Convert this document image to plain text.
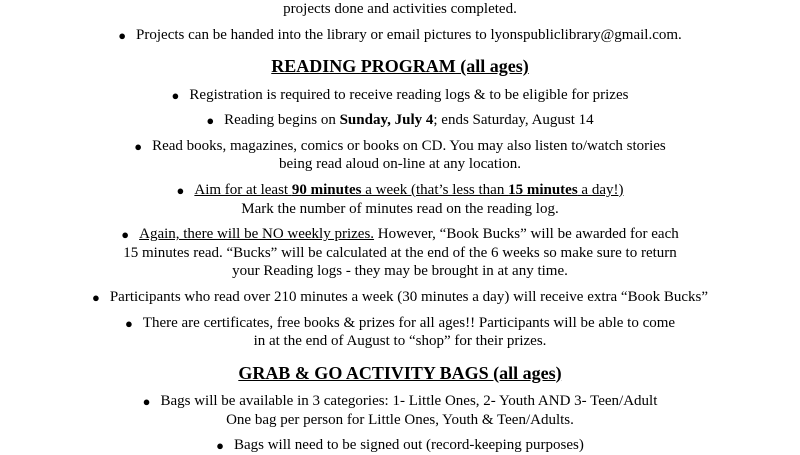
projects done and activities completed.
● Projects can be handed into the library or email pictures to lyonspubliclibrary@gmail.com.
READING PROGRAM (all ages)
● Registration is required to receive reading logs & to be eligible for prizes
● Reading begins on Sunday, July 4; ends Saturday, August 14
● Read books, magazines, comics or books on CD. You may also listen to/watch stories
being read aloud on-line at any location.
● Aim for at least 90 minutes a week (that’s less than 15 minutes a day!)
Mark the number of minutes read on the reading log.
● Again, there will be NO weekly prizes. However, “Book Bucks” will be awarded for each
15 minutes read. “Bucks” will be calculated at the end of the 6 weeks so make sure to return
your Reading logs - they may be brought in at any time.
● Participants who read over 210 minutes a week (30 minutes a day) will receive extra “Book Bucks”
● There are certificates, free books & prizes for all ages!! Participants will be able to come
in at the end of August to “shop” for their prizes.
GRAB & GO ACTIVITY BAGS (all ages)
● Bags will be available in 3 categories: 1- Little Ones, 2- Youth AND 3- Teen/Adult
One bag per person for Little Ones, Youth & Teen/Adults.
● Bags will need to be signed out (record-keeping purposes)
